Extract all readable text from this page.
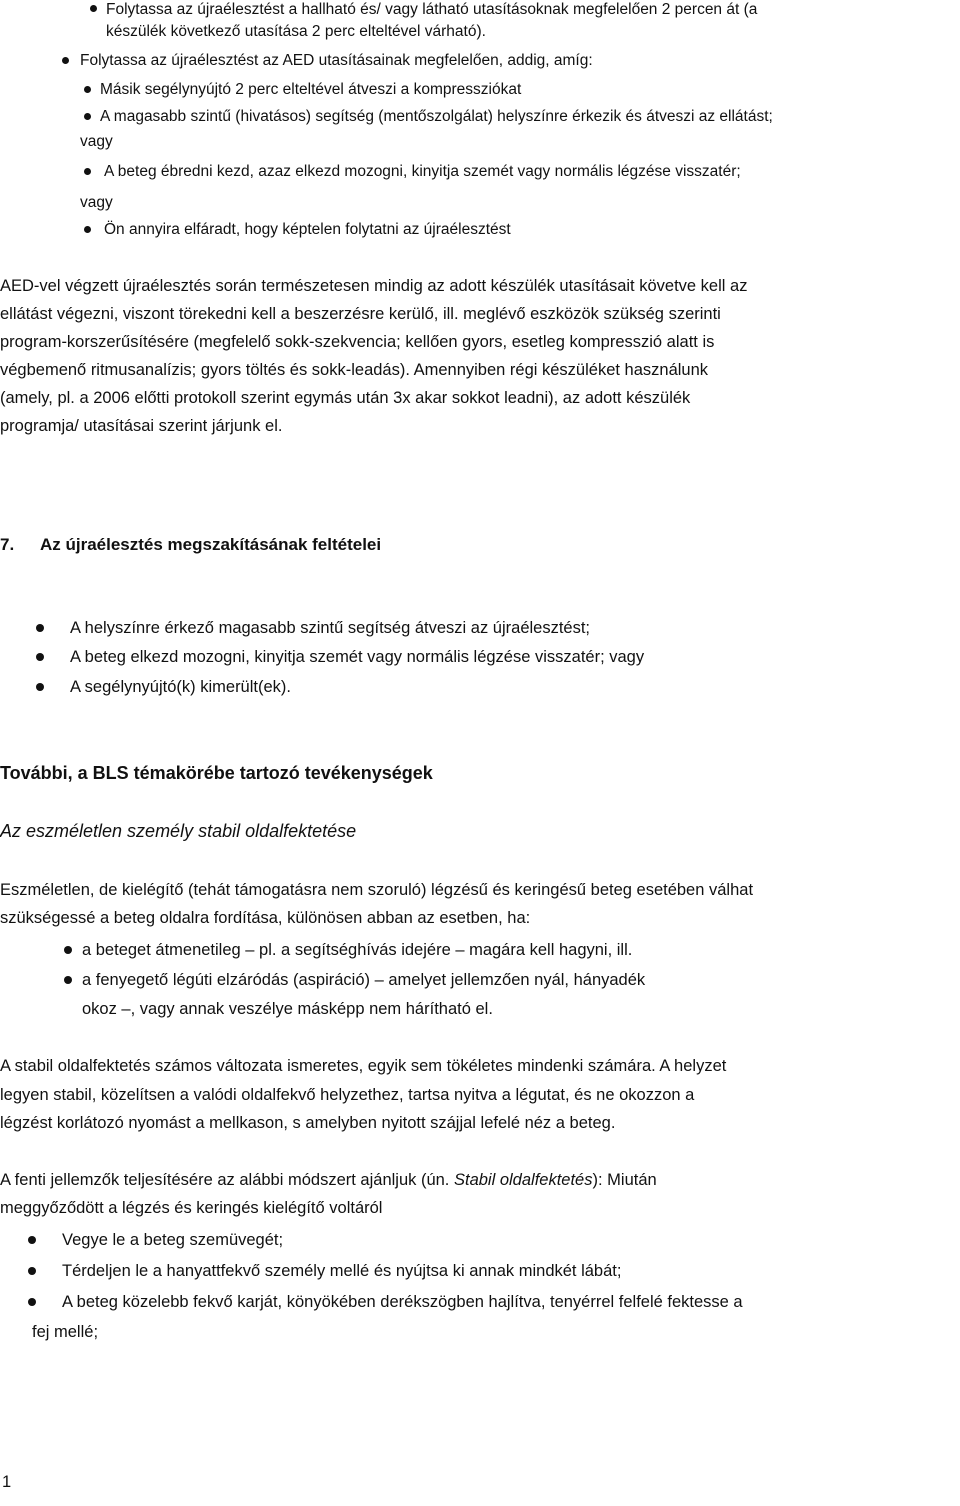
Folytassa az újraélesztést a hallható és/ vagy látható utasításoknak megfelelően 2 percen át (a
készülék következő utasítása 2 perc elteltével várható).
Folytassa az újraélesztést az AED utasításainak megfelelően, addig, amíg:
Másik segélynyújtó 2 perc elteltével átveszi a kompressziókat
A magasabb szintű (hivatásos) segítség (mentőszolgálat) helyszínre érkezik és átveszi az ellátást;
vagy
A beteg ébredni kezd, azaz elkezd mozogni, kinyitja szemét vagy normális légzése visszatér;
vagy
Ön annyira elfáradt, hogy képtelen folytatni az újraélesztést
AED-vel végzett újraélesztés során természetesen mindig az adott készülék utasításait követve kell az
ellátást végezni, viszont törekedni kell a beszerzésre kerülő, ill. meglévő eszközök szükség szerinti
program-korszerűsítésére (megfelelő sokk-szekvencia; kellően gyors, esetleg kompresszió alatt is
végbemenő ritmusanalízis; gyors töltés és sokk-leadás). Amennyiben régi készüléket használunk
(amely, pl. a 2006 előtti protokoll szerint egymás után 3x akar sokkot leadni), az adott készülék
programja/ utasításai szerint járjunk el.
7. Az újraélesztés megszakításának feltételei
A helyszínre érkező magasabb szintű segítség átveszi az újraélesztést;
A beteg elkezd mozogni, kinyitja szemét vagy normális légzése visszatér; vagy
A segélynyújtó(k) kimerült(ek).
További, a BLS témakörébe tartozó tevékenységek
Az eszméletlen személy stabil oldalfektetése
Eszméletlen, de kielégítő (tehát támogatásra nem szoruló) légzésű és keringésű beteg esetében válhat
szükségessé a beteg oldalra fordítása, különösen abban az esetben, ha:
a beteget átmenetileg – pl. a segítséghívás idejére – magára kell hagyni, ill.
a fenyegető légúti elzáródás (aspiráció) – amelyet jellemzően nyál, hányadék
okoz –, vagy annak veszélye másképp nem hárítható el.
A stabil oldalfektetés számos változata ismeretes, egyik sem tökéletes mindenki számára. A helyzet
legyen stabil, közelítsen a valódi oldalfekvő helyzethez, tartsa nyitva a légutat, és ne okozzon a
légzést korlátozó nyomást a mellkason, s amelyben nyitott szájjal lefelé néz a beteg.
A fenti jellemzők teljesítésére az alábbi módszert ajánljuk (ún. Stabil oldalfektetés): Miután
meggyőződött a légzés és keringés kielégítő voltáról
Vegye le a beteg szemüvegét;
Térdeljen le a hanyattfekvő személy mellé és nyújtsa ki annak mindkét lábát;
A beteg közelebb fekvő karját, könyökében derékszögben hajlítva, tenyérrel felfelé fektesse a
fej mellé;
1
